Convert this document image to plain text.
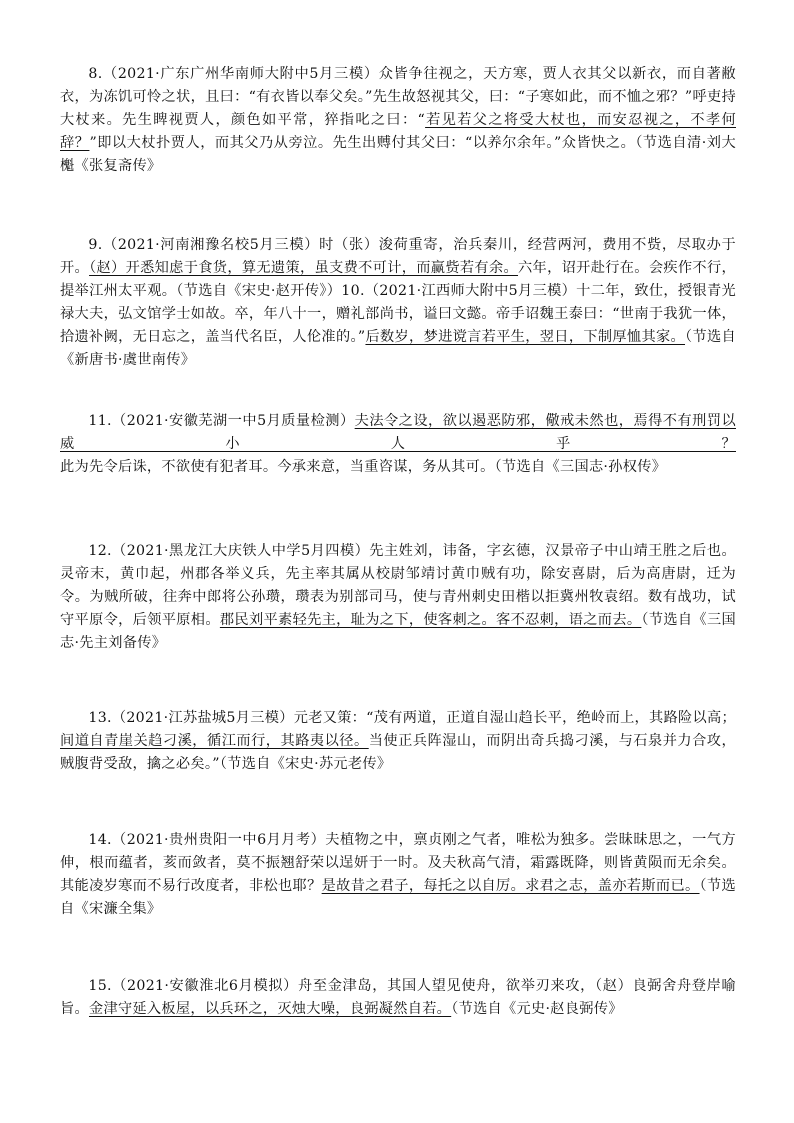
8.（2021·广东广州华南师大附中5月三模）众皆争往视之，天方寒，贾人衣其父以新衣，而自著敝衣，为冻饥可怜之状，且曰：“有衣皆以奉父矣。”先生故怒视其父，曰：“子寒如此，而不恤之邪？”呼吏持大杖来。先生睥视贾人，颜色如平常，猝指叱之曰：“若见若父之将受大杖也，而安忍视之，不孝何辞？”即以大杖扑贾人，而其父乃从旁泣。先生出赙付其父曰：“以养尔余年。”众皆快之。（节选自清·刘大櫆《张复斋传》

9.（2021·河南湘豫名校5月三模）时（张）浚荷重寄，治兵秦川，经营两河，费用不赀，尽取办于开。（赵）开悉知虑于食货，算无遗策，虽支费不可计，而赢赀若有余。六年，诏开赴行在。会疾作不行，提举江州太平观。（节选自《宋史·赵开传》）10.（2021·江西师大附中5月三模）十二年，致仕，授银青光禄大夫，弘文馆学士如故。卒，年八十一，赠礼部尚书，谥曰文懿。帝手诏魏王泰曰：“世南于我犹一体，拾遗补阙，无日忘之，盖当代名臣，人伦准的。”后数岁，梦进谠言若平生，翌日，下制厚恤其家。（节选自《新唐书·虞世南传》

11.（2021·安徽芜湖一中5月质量检测）夫法令之设，欲以遏恶防邪，儆戒未然也，焉得不有刑罚以威小人乎？此为先令后诛，不欲使有犯者耳。今承来意，当重咨谋，务从其可。（节选自《三国志·孙权传》

12.（2021·黑龙江大庆铁人中学5月四模）先主姓刘，讳备，字玄德，汉景帝子中山靖王胜之后也。灵帝末，黄巾起，州郡各举义兵，先主率其属从校尉邹靖讨黄巾贼有功，除安喜尉，后为高唐尉，迁为令。为贼所破，往奔中郎将公孙瓒，瓒表为别部司马，使与青州刺史田楷以拒冀州牧袁绍。数有战功，试守平原令，后领平原相。郡民刘平素轻先主，耻为之下，使客刺之。客不忍刺，语之而去。（节选自《三国志·先主刘备传》

13.（2021·江苏盐城5月三模）元老又策：“茂有两道，正道自湿山趋长平，绝岭而上，其路险以高；间道自青崖关趋刁溪，循江而行，其路夷以径。当使正兵阵湿山，而阴出奇兵捣刁溪，与石泉并力合攻，贼腹背受敌，擒之必矣。”（节选自《宋史·苏元老传》

14.（2021·贵州贵阳一中6月月考）夫植物之中，禀贞刚之气者，唯松为独多。尝昧昧思之，一气方伸，根而蕴者，荄而敛者，莫不振翘舒荣以逞妍于一时。及夫秋高气清，霜露既降，则皆黄陨而无余矣。其能凌岁寒而不易行改度者，非松也耶？是故昔之君子，每托之以自厉。求君之志，盖亦若斯而已。（节选自《宋濂全集》

15.（2021·安徽淮北6月模拟）舟至金津岛，其国人望见使舟，欲举刃来攻，（赵）良弼舍舟登岸喻旨。金津守延入板屋，以兵环之，灭烛大噪，良弼凝然自若。（节选自《元史·赵良弼传》
